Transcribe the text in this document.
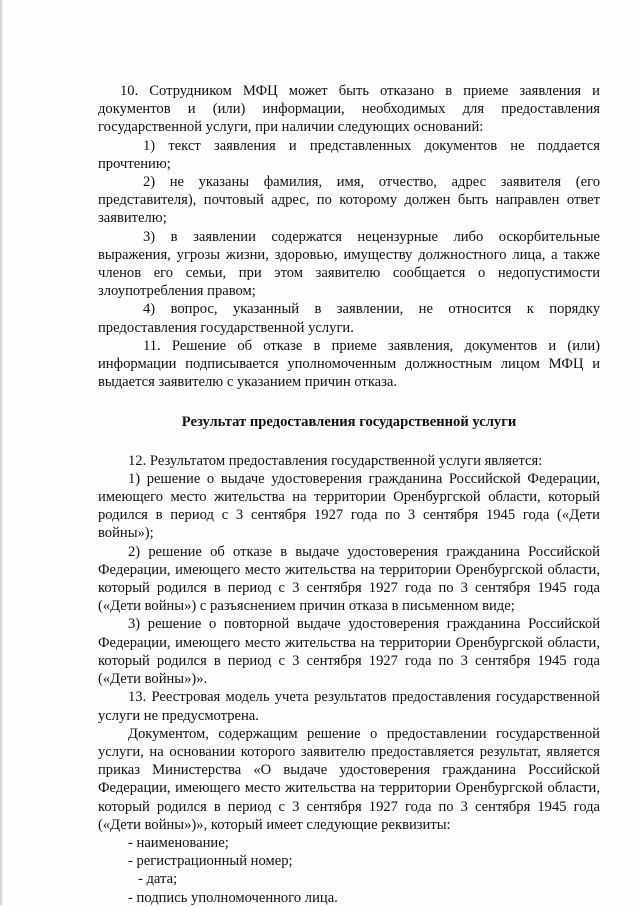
10. Сотрудником МФЦ может быть отказано в приеме заявления и документов и (или) информации, необходимых для предоставления государственной услуги, при наличии следующих оснований:

1) текст заявления и представленных документов не поддается прочтению;

2) не указаны фамилия, имя, отчество, адрес заявителя (его представителя), почтовый адрес, по которому должен быть направлен ответ заявителю;

3) в заявлении содержатся нецензурные либо оскорбительные выражения, угрозы жизни, здоровью, имуществу должностного лица, а также членов его семьи, при этом заявителю сообщается о недопустимости злоупотребления правом;

4) вопрос, указанный в заявлении, не относится к порядку предоставления государственной услуги.

11. Решение об отказе в приеме заявления, документов и (или) информации подписывается уполномоченным должностным лицом МФЦ и выдается заявителю с указанием причин отказа.

Результат предоставления государственной услуги

12. Результатом предоставления государственной услуги является:

1) решение о выдаче удостоверения гражданина Российской Федерации, имеющего место жительства на территории Оренбургской области, который родился в период с 3 сентября 1927 года по 3 сентября 1945 года («Дети войны»);

2) решение об отказе в выдаче удостоверения гражданина Российской Федерации, имеющего место жительства на территории Оренбургской области, который родился в период с 3 сентября 1927 года по 3 сентября 1945 года («Дети войны») с разъяснением причин отказа в письменном виде;

3) решение о повторной выдаче удостоверения гражданина Российской Федерации, имеющего место жительства на территории Оренбургской области, который родился в период с 3 сентября 1927 года по 3 сентября 1945 года («Дети войны»)».

13. Реестровая модель учета результатов предоставления государственной услуги не предусмотрена.

Документом, содержащим решение о предоставлении государственной услуги, на основании которого заявителю предоставляется результат, является приказ Министерства «О выдаче удостоверения гражданина Российской Федерации, имеющего место жительства на территории Оренбургской области, который родился в период с 3 сентября 1927 года по 3 сентября 1945 года («Дети войны»)», который имеет следующие реквизиты:

- наименование;

- регистрационный номер;

- дата;

- подпись уполномоченного лица.
